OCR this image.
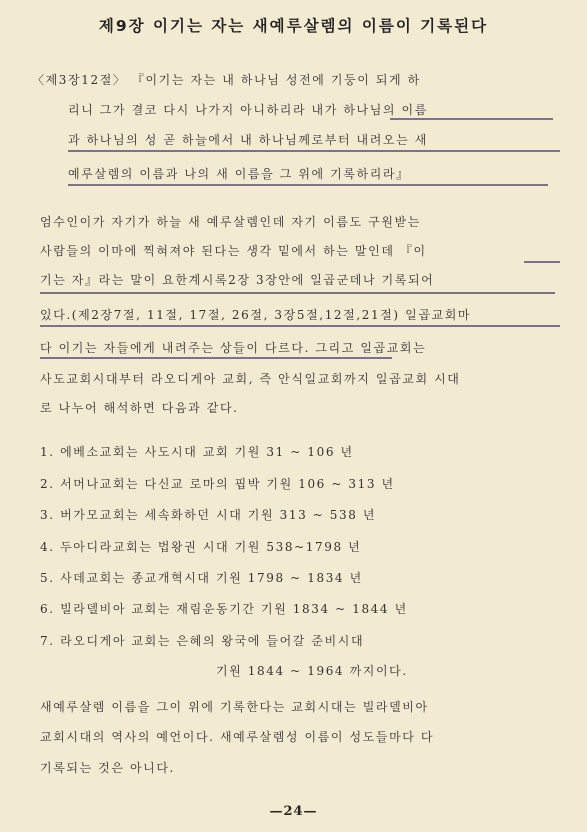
제9장 이기는 자는 새예루살렘의 이름이 기록된다
〈제3장12절〉 『이기는 자는 내 하나님 성전에 기둥이 되게 하
리니 그가 결코 다시 나가지 아니하리라 내가 하나님의 이름
과 하나님의 성 곧 하늘에서 내 하나님께로부터 내려오는 새
예루살렘의 이름과 나의 새 이름을 그 위에 기록하리라』
엄수인이가 자기가 하늘 새 예루살렘인데 자기 이름도 구원받는
사람들의 이마에 찍혀져야 된다는 생각 밑에서 하는 말인데 『이
기는 자』라는 말이 요한계시록2장 3장안에 일곱군데나 기록되어
있다.(제2장7절, 11절, 17절, 26절, 3장5절,12절,21절) 일곱교회마
다 이기는 자들에게 내려주는 상들이 다르다. 그리고 일곱교회는
사도교회시대부터 라오디게아 교회, 즉 안식일교회까지 일곱교회 시대
로 나누어 해석하면 다음과 같다.
1. 에베소교회는 사도시대 교회 기원 31 ~ 106 년
2. 서머나교회는 다신교 로마의 핍박 기원 106 ~ 313 년
3. 버가모교회는 세속화하던 시대 기원 313 ~ 538 년
4. 두아디라교회는 법왕권 시대 기원 538~1798 년
5. 사데교회는 종교개혁시대 기원 1798 ~ 1834 년
6. 빌라델비아 교회는 재림운동기간 기원 1834 ~ 1844 년
7. 라오디게아 교회는 은혜의 왕국에 들어갈 준비시대
기원 1844 ~ 1964 까지이다.
새예루살렘 이름을 그이 위에 기록한다는 교회시대는 빌라델비아
교회시대의 역사의 예언이다. 새예루살렘성 이름이 성도들마다 다
기록되는 것은 아니다.
—24—
